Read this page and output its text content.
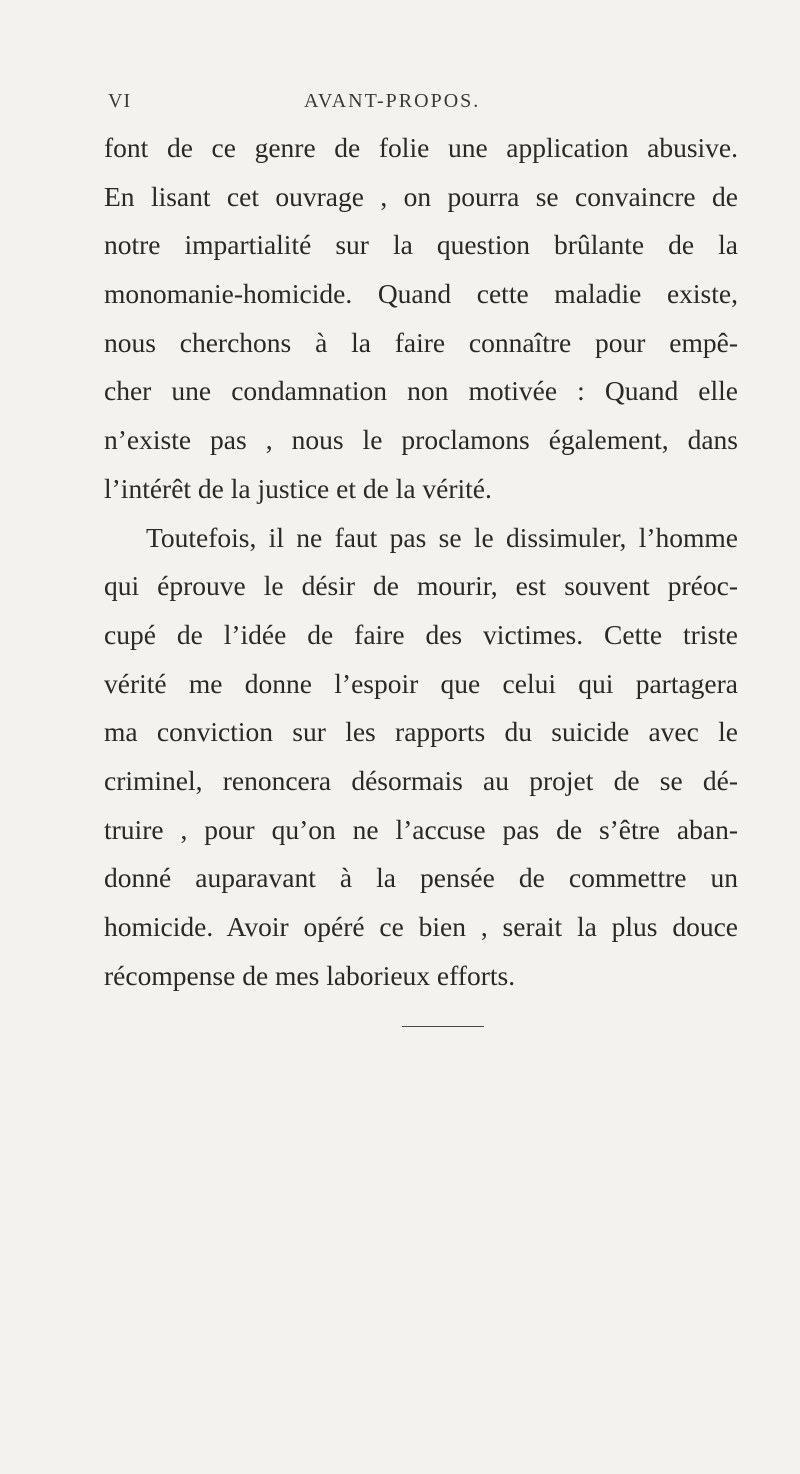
VI	AVANT-PROPOS.
font de ce genre de folie une application abusive.
En lisant cet ouvrage , on pourra se convaincre de
notre impartialité sur la question brûlante de la
monomanie-homicide. Quand cette maladie existe,
nous cherchons à la faire connaître pour empê-
cher une condamnation non motivée : Quand elle
n’existe pas , nous le proclamons également, dans
l’intérêt de la justice et de la vérité.
Toutefois, il ne faut pas se le dissimuler, l’homme
qui éprouve le désir de mourir, est souvent préoc-
cupé de l’idée de faire des victimes. Cette triste
vérité me donne l’espoir que celui qui partagera
ma conviction sur les rapports du suicide avec le
criminel, renoncera désormais au projet de se dé-
truire , pour qu’on ne l’accuse pas de s’être aban-
donné auparavant à la pensée de commettre un
homicide. Avoir opéré ce bien , serait la plus douce
récompense de mes laborieux efforts.
